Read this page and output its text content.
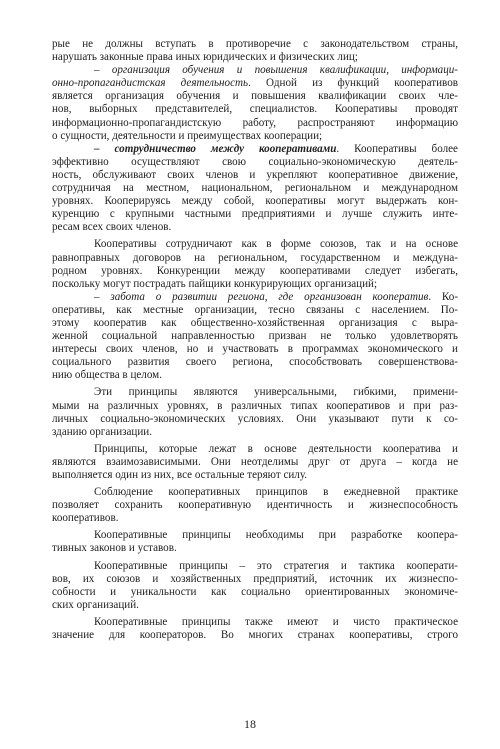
рые не должны вступать в противоречие с законодательством страны,
нарушать законные права иных юридических и физических лиц;
– организация обучения и повышения квалификации, информаци-
онно-пропагандистская деятельность. Одной из функций кооперативов
является организация обучения и повышения квалификации своих чле-
нов, выборных представителей, специалистов. Кооперативы проводят
информационно-пропагандистскую работу, распространяют информацию
о сущности, деятельности и преимуществах кооперации;
– сотрудничество между кооперативами. Кооперативы более
эффективно осуществляют свою социально-экономическую деятель-
ность, обслуживают своих членов и укрепляют кооперативное движение,
сотрудничая на местном, национальном, региональном и международном
уровнях. Кооперируясь между собой, кооперативы могут выдержать кон-
куренцию с крупными частными предприятиями и лучше служить инте-
ресам всех своих членов.
Кооперативы сотрудничают как в форме союзов, так и на основе
равноправных договоров на региональном, государственном и междуна-
родном уровнях. Конкуренции между кооперативами следует избегать,
поскольку могут пострадать пайщики конкурирующих организаций;
– забота о развитии региона, где организован кооператив. Ко-
оперативы, как местные организации, тесно связаны с населением. По-
этому кооператив как общественно-хозяйственная организация с выра-
женной социальной направленностью призван не только удовлетворять
интересы своих членов, но и участвовать в программах экономического и
социального развития своего региона, способствовать совершенствова-
нию общества в целом.
Эти принципы являются универсальными, гибкими, примени-
мыми на различных уровнях, в различных типах кооперативов и при раз-
личных социально-экономических условиях. Они указывают пути к со-
зданию организации.
Принципы, которые лежат в основе деятельности кооператива и
являются взаимозависимыми. Они неотделимы друг от друга – когда не
выполняется один из них, все остальные теряют силу.
Соблюдение кооперативных принципов в ежедневной практике
позволяет сохранить кооперативную идентичность и жизнеспособность
кооперативов.
Кооперативные принципы необходимы при разработке коопера-
тивных законов и уставов.
Кооперативные принципы – это стратегия и тактика кооперати-
вов, их союзов и хозяйственных предприятий, источник их жизнеспо-
собности и уникальности как социально ориентированных экономиче-
ских организаций.
Кооперативные принципы также имеют и чисто практическое
значение для кооператоров. Во многих странах кооперативы, строго
18
